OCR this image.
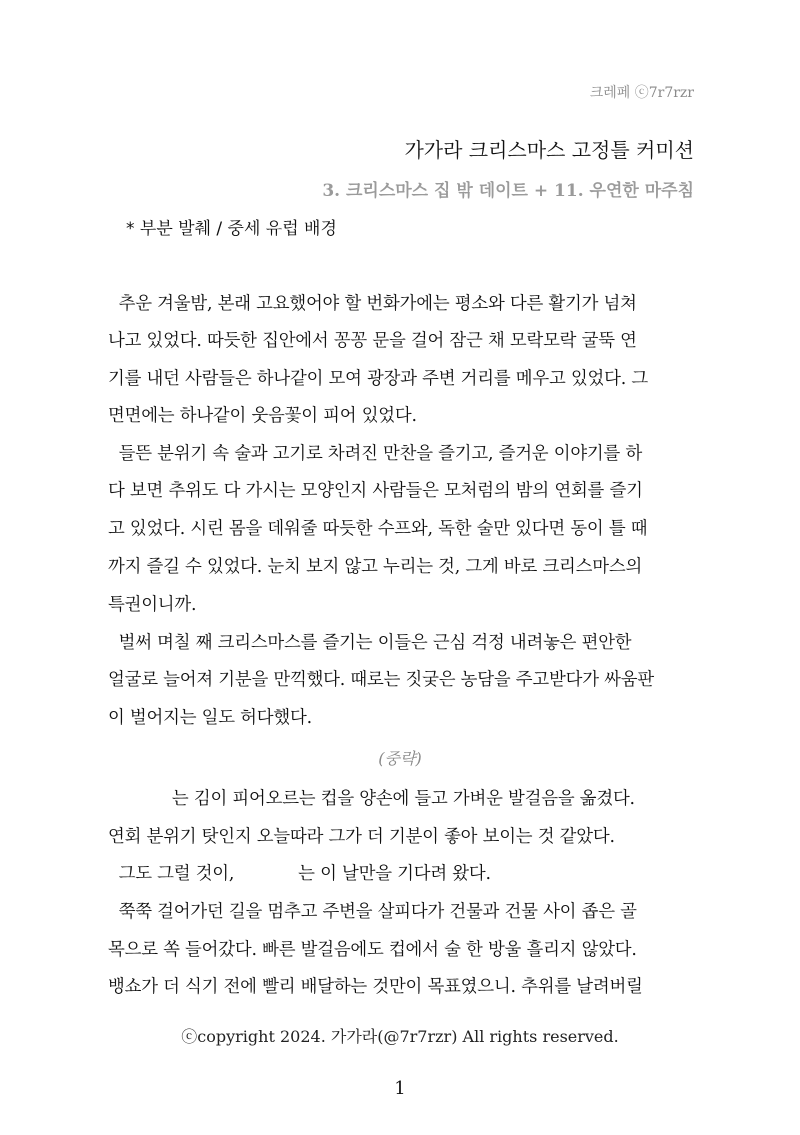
크레페 ⓒ7r7rzr
가가라 크리스마스 고정틀 커미션
3. 크리스마스 집 밖 데이트 + 11. 우연한 마주침
* 부분 발췌 / 중세 유럽 배경
추운 겨울밤, 본래 고요했어야 할 번화가에는 평소와 다른 활기가 넘쳐
나고 있었다. 따듯한 집안에서 꽁꽁 문을 걸어 잠근 채 모락모락 굴뚝 연
기를 내던 사람들은 하나같이 모여 광장과 주변 거리를 메우고 있었다. 그
면면에는 하나같이 웃음꽃이 피어 있었다.
들뜬 분위기 속 술과 고기로 차려진 만찬을 즐기고, 즐거운 이야기를 하
다 보면 추위도 다 가시는 모양인지 사람들은 모처럼의 밤의 연회를 즐기
고 있었다. 시린 몸을 데워줄 따듯한 수프와, 독한 술만 있다면 동이 틀 때
까지 즐길 수 있었다. 눈치 보지 않고 누리는 것, 그게 바로 크리스마스의
특권이니까.
벌써 며칠 째 크리스마스를 즐기는 이들은 근심 걱정 내려놓은 편안한
얼굴로 늘어져 기분을 만끽했다. 때로는 짓궂은 농담을 주고받다가 싸움판
이 벌어지는 일도 허다했다.
(중략)
는 김이 피어오르는 컵을 양손에 들고 가벼운 발걸음을 옮겼다.
연회 분위기 탓인지 오늘따라 그가 더 기분이 좋아 보이는 것 같았다.
그도 그럴 것이,            는 이 날만을 기다려 왔다.
쭉쭉 걸어가던 길을 멈추고 주변을 살피다가 건물과 건물 사이 좁은 골
목으로 쏙 들어갔다. 빠른 발걸음에도 컵에서 술 한 방울 흘리지 않았다.
뱅쇼가 더 식기 전에 빨리 배달하는 것만이 목표였으니. 추위를 날려버릴
ⓒcopyright 2024. 가가라(@7r7rzr) All rights reserved.
1
